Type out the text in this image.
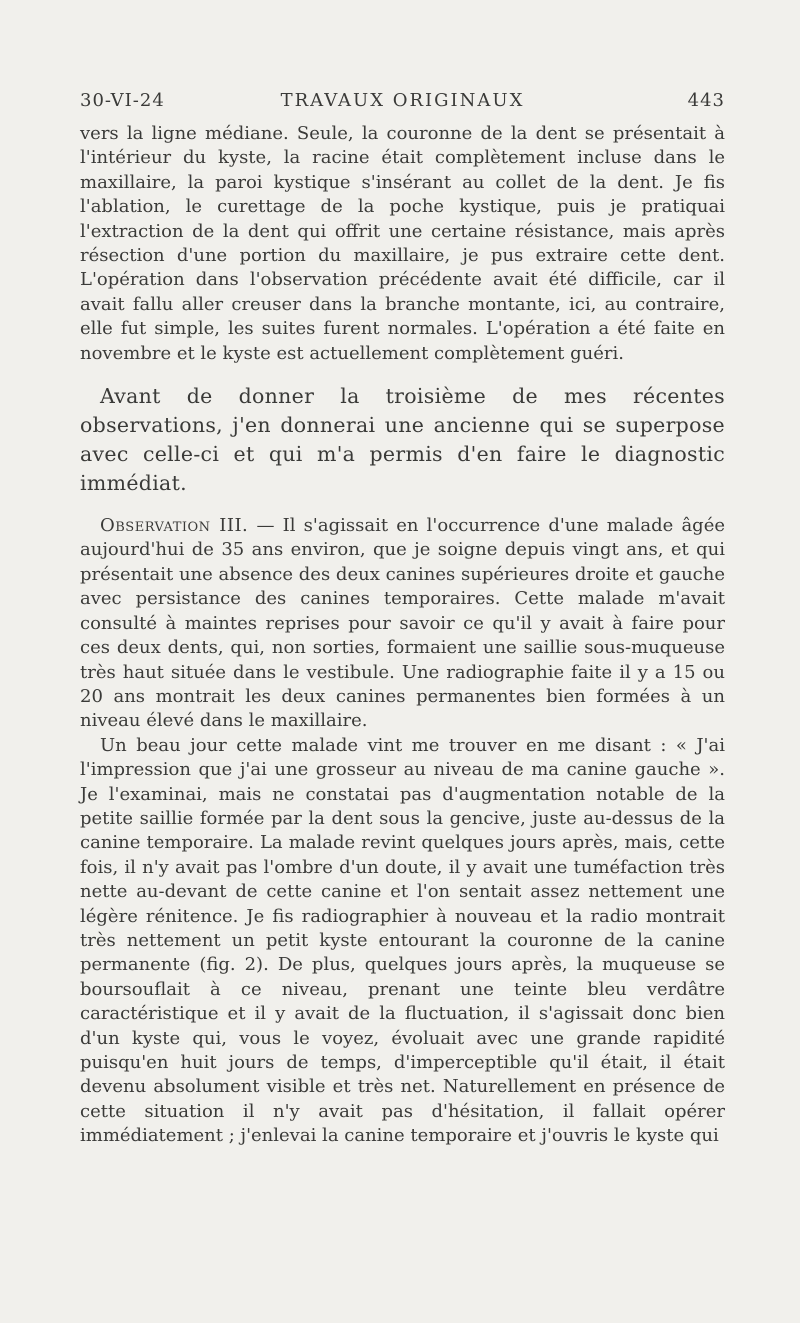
30-VI-24	TRAVAUX ORIGINAUX	443

vers la ligne médiane. Seule, la couronne de la dent se présentait à l'intérieur du kyste, la racine était complètement incluse dans le maxillaire, la paroi kystique s'insérant au collet de la dent. Je fis l'ablation, le curettage de la poche kystique, puis je pratiquai l'extraction de la dent qui offrit une certaine résistance, mais après résection d'une portion du maxillaire, je pus extraire cette dent. L'opération dans l'observation précédente avait été difficile, car il avait fallu aller creuser dans la branche montante, ici, au contraire, elle fut simple, les suites furent normales. L'opération a été faite en novembre et le kyste est actuellement complètement guéri.

Avant de donner la troisième de mes récentes observations, j'en donnerai une ancienne qui se superpose avec celle-ci et qui m'a permis d'en faire le diagnostic immédiat.

Observation III. — Il s'agissait en l'occurrence d'une malade âgée aujourd'hui de 35 ans environ, que je soigne depuis vingt ans, et qui présentait une absence des deux canines supérieures droite et gauche avec persistance des canines temporaires. Cette malade m'avait consulté à maintes reprises pour savoir ce qu'il y avait à faire pour ces deux dents, qui, non sorties, formaient une saillie sous-muqueuse très haut située dans le vestibule. Une radiographie faite il y a 15 ou 20 ans montrait les deux canines permanentes bien formées à un niveau élevé dans le maxillaire.

Un beau jour cette malade vint me trouver en me disant : « J'ai l'impression que j'ai une grosseur au niveau de ma canine gauche ». Je l'examinai, mais ne constatai pas d'augmentation notable de la petite saillie formée par la dent sous la gencive, juste au-dessus de la canine temporaire. La malade revint quelques jours après, mais, cette fois, il n'y avait pas l'ombre d'un doute, il y avait une tuméfaction très nette au-devant de cette canine et l'on sentait assez nettement une légère rénitence. Je fis radiographier à nouveau et la radio montrait très nettement un petit kyste entourant la couronne de la canine permanente (fig. 2). De plus, quelques jours après, la muqueuse se boursouflait à ce niveau, prenant une teinte bleu verdâtre caractéristique et il y avait de la fluctuation, il s'agissait donc bien d'un kyste qui, vous le voyez, évoluait avec une grande rapidité puisqu'en huit jours de temps, d'imperceptible qu'il était, il était devenu absolument visible et très net. Naturellement en présence de cette situation il n'y avait pas d'hésitation, il fallait opérer immédiatement ; j'enlevai la canine temporaire et j'ouvris le kyste qui
